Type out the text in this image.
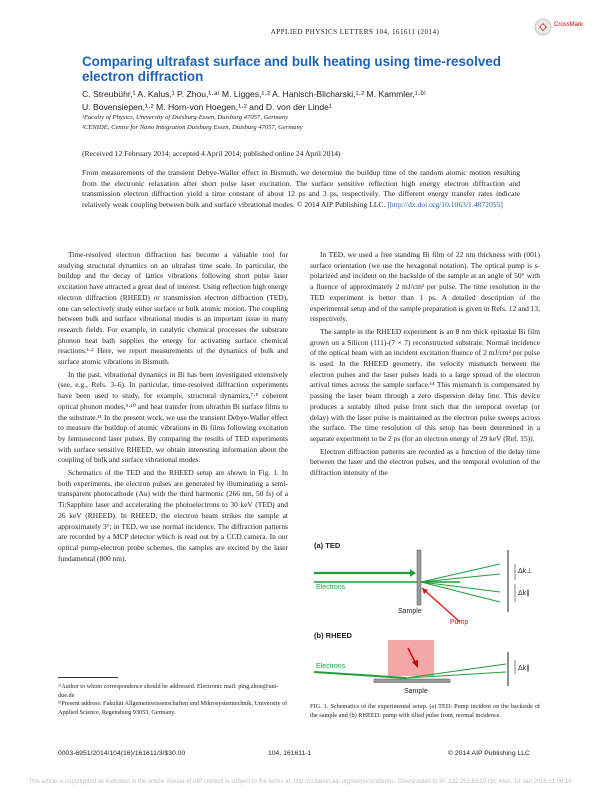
APPLIED PHYSICS LETTERS 104, 161611 (2014)
CrossMark
Comparing ultrafast surface and bulk heating using time-resolved electron diffraction
C. Streubühr,¹ A. Kalus,¹ P. Zhou,¹·ᵃ⁾ M. Ligges,¹·² A. Hanisch-Blicharski,¹·² M. Kammler,¹·ᵇ⁾
U. Bovensiepen,¹·² M. Horn-von Hoegen,¹·² and D. von der Linde¹
¹Faculty of Physics, University of Duisburg-Essen, Duisburg 47057, Germany
²CENIDE, Centre for Nano Integration Duisburg Essen, Duisburg 47057, Germany
(Received 12 February 2014; accepted 4 April 2014; published online 24 April 2014)
From measurements of the transient Debye-Waller effect in Bismuth, we determine the buildup time of the random atomic motion resulting from the electronic relaxation after short pulse laser excitation. The surface sensitive reflection high energy electron diffraction and transmission electron diffraction yield a time constant of about 12 ps and 3 ps, respectively. The different energy transfer rates indicate relatively weak coupling between bulk and surface vibrational modes. © 2014 AIP Publishing LLC. [http://dx.doi.org/10.1063/1.4872055]

Time-resolved electron diffraction has become a valuable tool for studying structural dynamics on an ultrafast time scale. In particular, the buildup and the decay of lattice vibrations following short pulse laser excitation have attracted a great deal of interest. Using reflection high energy electron diffraction (RHEED) or transmission electron diffraction (TED), one can selectively study either surface or bulk atomic motion. The coupling between bulk and surface vibrational modes is an important issue in many research fields. For example, in catalytic chemical processes the substrate phonon heat bath supplies the energy for activating surface chemical reactions.¹·² Here, we report measurements of the dynamics of bulk and surface atomic vibrations in Bismuth.

In the past, vibrational dynamics in Bi has been investigated extensively (see, e.g., Refs. 3–6). In particular, time-resolved diffraction experiments have been used to study, for example, structural dynamics,⁷·⁸ coherent optical phonon modes,⁹·¹⁰ and heat transfer from ultrathin Bi surface films to the substrate.¹¹ In the present work, we use the transient Debye-Waller effect to measure the buildup of atomic vibrations in Bi films following excitation by femtosecond laser pulses. By comparing the results of TED experiments with surface sensitive RHEED, we obtain interesting information about the coupling of bulk and surface vibrational modes.

Schematics of the TED and the RHEED setup are shown in Fig. 1. In both experiments, the electron pulses are generated by illuminating a semi-transparent photocathode (Au) with the third harmonic (266 nm, 50 fs) of a Ti:Sapphire laser and accelerating the photoelectrons to 30 keV (TED) and 26 keV (RHEED). In RHEED, the electron beam strikes the sample at approximately 3°; in TED, we use normal incidence. The diffraction patterns are recorded by a MCP detector which is read out by a CCD camera. In our optical pump-electron probe schemes, the samples are excited by the laser fundamental (800 nm).

In TED, we used a free standing Bi film of 22 nm thickness with (001) surface orientation (we use the hexagonal notation). The optical pump is s-polarized and incident on the backside of the sample at an angle of 50° with a fluence of approximately 2 mJ/cm² per pulse. The time resolution in the TED experiment is better than 1 ps. A detailed description of the experimental setup and of the sample preparation is given in Refs. 12 and 13, respectively.

The sample in the RHEED experiment is an 8 nm thick epitaxial Bi film grown on a Silicon (111)-(7 × 7) reconstructed substrate. Normal incidence of the optical beam with an incident excitation fluence of 2 mJ/cm² per pulse is used. In the RHEED geometry, the velocity mismatch between the electron pulses and the laser pulses leads to a large spread of the electron arrival times across the sample surface.¹⁴ This mismatch is compensated by passing the laser beam through a zero dispersion delay line. This device produces a suitably tilted pulse front such that the temporal overlap (or delay) with the laser pulse is maintained as the electron pulse sweeps across the surface. The time resolution of this setup has been determined in a separate experiment to be 2 ps (for an electron energy of 29 keV (Ref. 15)).

Electron diffraction patterns are recorded as a function of the delay time between the laser and the electron pulses, and the temporal evolution of the diffraction intensity of the

(a) TED
Electrons
Sample
Δk⊥
Δk∥
Pump
(b) RHEED
Electrons
Sample
Δk∥
FIG. 1. Schematics of the experimental setup. (a) TED: Pump incident on the backside of the sample and (b) RHEED: pump with tilted pulse front, normal incidence.
ᵃ⁾Author to whom correspondence should be addressed. Electronic mail: ping.zhou@uni-due.de
ᵇ⁾Present address: Fakultät Allgemeinwissenschaften und Mikrosystemtechnik, University of Applied Science, Regensburg 93053, Germany.
0003-6951/2014/104(16)/161611/3/$30.00	104, 161611-1	© 2014 AIP Publishing LLC
This article is copyrighted as indicated in the article. Reuse of AIP content is subject to the terms at: http://scitation.aip.org/termsconditions. Downloaded to IP: 132.252.63.Ol On: Mon, 19 Jan 2015 11:06:16
